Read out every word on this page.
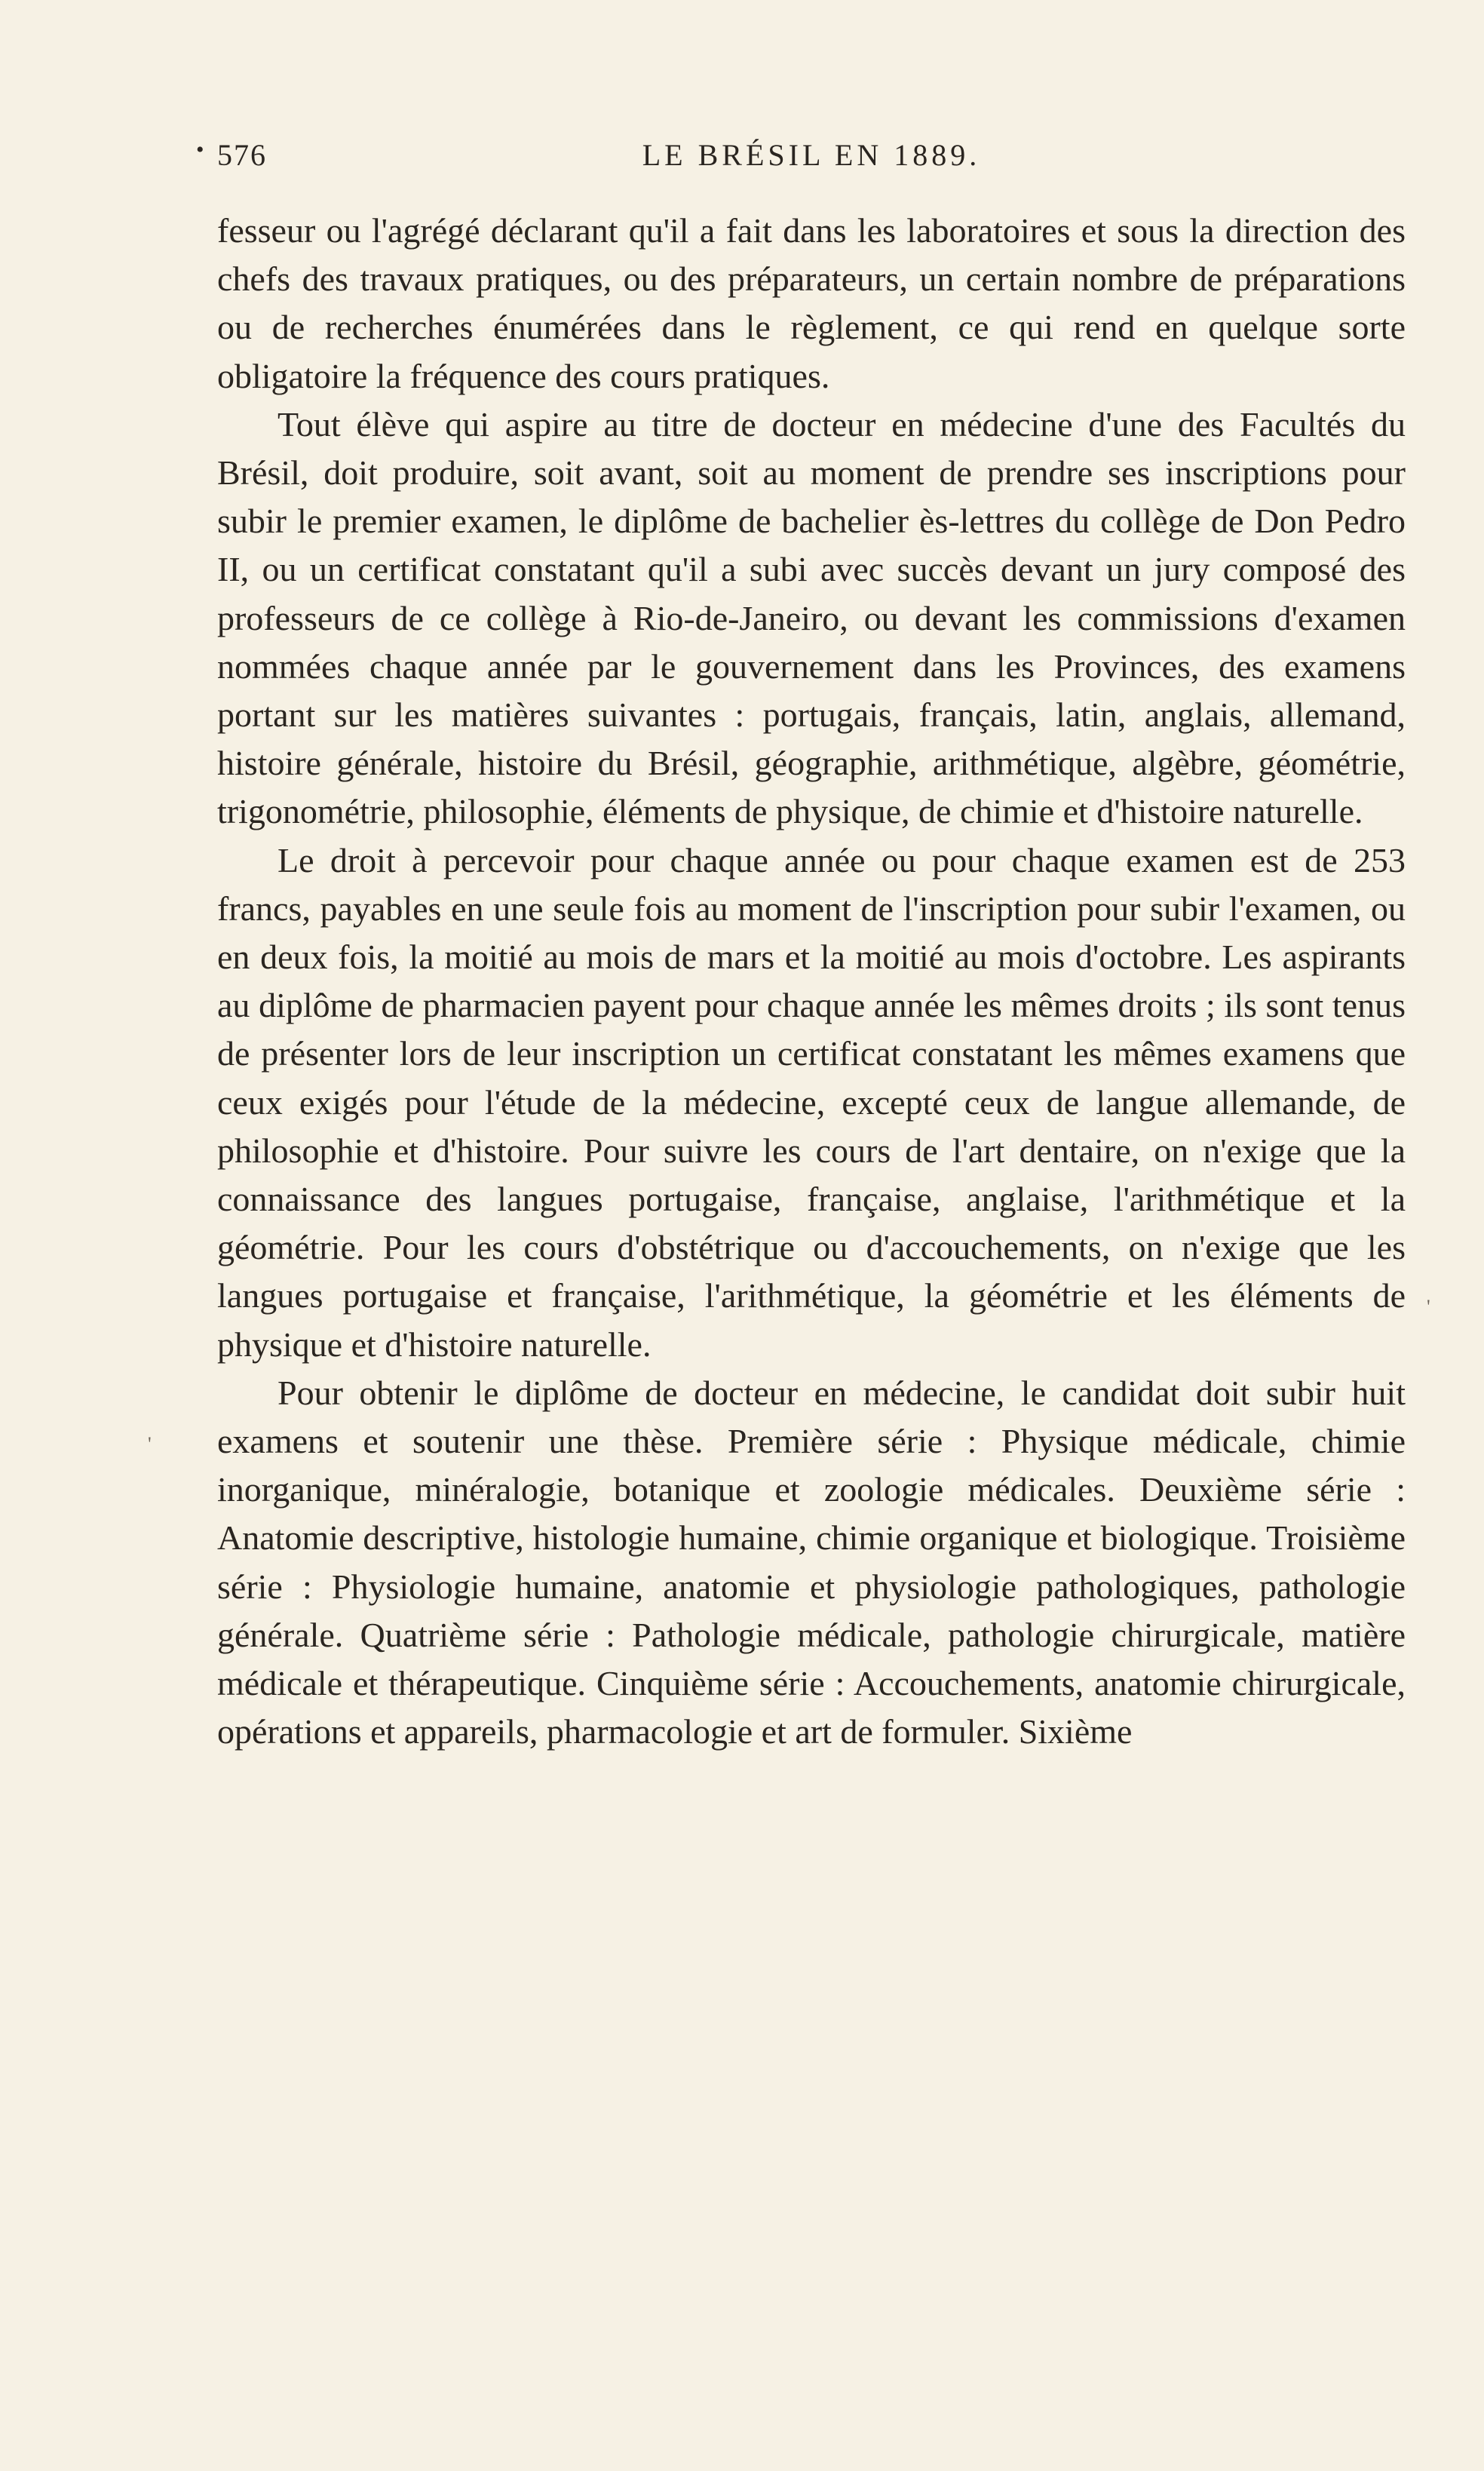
• 576	LE BRÉSIL EN 1889.

fesseur ou l'agrégé déclarant qu'il a fait dans les laboratoires et sous la direction des chefs des travaux pratiques, ou des préparateurs, un certain nombre de préparations ou de recherches énumérées dans le règlement, ce qui rend en quelque sorte obligatoire la fréquence des cours pratiques.

Tout élève qui aspire au titre de docteur en médecine d'une des Facultés du Brésil, doit produire, soit avant, soit au moment de prendre ses inscriptions pour subir le premier examen, le diplôme de bachelier ès-lettres du collège de Don Pedro II, ou un certificat constatant qu'il a subi avec succès devant un jury composé des professeurs de ce collège à Rio-de-Janeiro, ou devant les commissions d'examen nommées chaque année par le gouvernement dans les Provinces, des examens portant sur les matières suivantes : portugais, français, latin, anglais, allemand, histoire générale, histoire du Brésil, géographie, arithmétique, algèbre, géométrie, trigonométrie, philosophie, éléments de physique, de chimie et d'histoire naturelle.

Le droit à percevoir pour chaque année ou pour chaque examen est de 253 francs, payables en une seule fois au moment de l'inscription pour subir l'examen, ou en deux fois, la moitié au mois de mars et la moitié au mois d'octobre. Les aspirants au diplôme de pharmacien payent pour chaque année les mêmes droits ; ils sont tenus de présenter lors de leur inscription un certificat constatant les mêmes examens que ceux exigés pour l'étude de la médecine, excepté ceux de langue allemande, de philosophie et d'histoire. Pour suivre les cours de l'art dentaire, on n'exige que la connaissance des langues portugaise, française, anglaise, l'arithmétique et la géométrie. Pour les cours d'obstétrique ou d'accouchements, on n'exige que les langues portugaise et française, l'arithmétique, la géométrie et les éléments de physique et d'histoire naturelle.

Pour obtenir le diplôme de docteur en médecine, le candidat doit subir huit examens et soutenir une thèse. Première série : Physique médicale, chimie inorganique, minéralogie, botanique et zoologie médicales. Deuxième série : Anatomie descriptive, histologie humaine, chimie organique et biologique. Troisième série : Physiologie humaine, anatomie et physiologie pathologiques, pathologie générale. Quatrième série : Pathologie médicale, pathologie chirurgicale, matière médicale et thérapeutique. Cinquième série : Accouchements, anatomie chirurgicale, opérations et appareils, pharmacologie et art de formuler. Sixième

'
'
